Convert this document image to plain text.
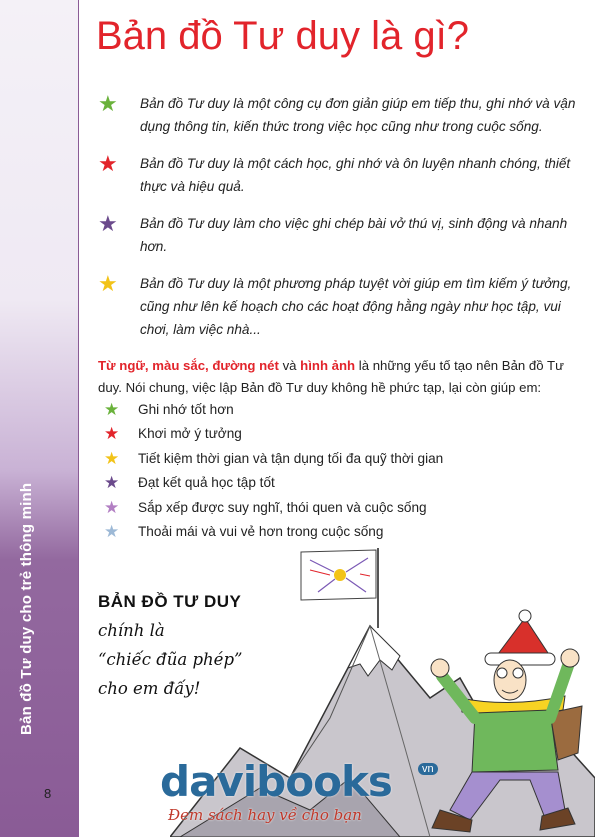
Bản đồ Tư duy cho trẻ thông minh
8
Bản đồ Tư duy là gì?
★ Bản đồ Tư duy là một công cụ đơn giản giúp em tiếp thu, ghi nhớ và vận dụng thông tin, kiến thức trong việc học cũng như trong cuộc sống.
★ Bản đồ Tư duy là một cách học, ghi nhớ và ôn luyện nhanh chóng, thiết thực và hiệu quả.
★ Bản đồ Tư duy làm cho việc ghi chép bài vở thú vị, sinh động và nhanh hơn.
★ Bản đồ Tư duy là một phương pháp tuyệt vời giúp em tìm kiếm ý tưởng, cũng như lên kế hoạch cho các hoạt động hằng ngày như học tập, vui chơi, làm việc nhà...

Từ ngữ, màu sắc, đường nét và hình ảnh là những yếu tố tạo nên Bản đồ Tư duy. Nói chung, việc lập Bản đồ Tư duy không hề phức tạp, lại còn giúp em:

★ Ghi nhớ tốt hơn
★ Khơi mở ý tưởng
★ Tiết kiệm thời gian và tận dụng tối đa quỹ thời gian
★ Đạt kết quả học tập tốt
★ Sắp xếp được suy nghĩ, thói quen và cuộc sống
★ Thoải mái và vui vẻ hơn trong cuộc sống
BẢN ĐỒ TƯ DUY
chính là
“chiếc đũa phép”
cho em đấy!
davibooks	vn
Đem sách hay về cho bạn
